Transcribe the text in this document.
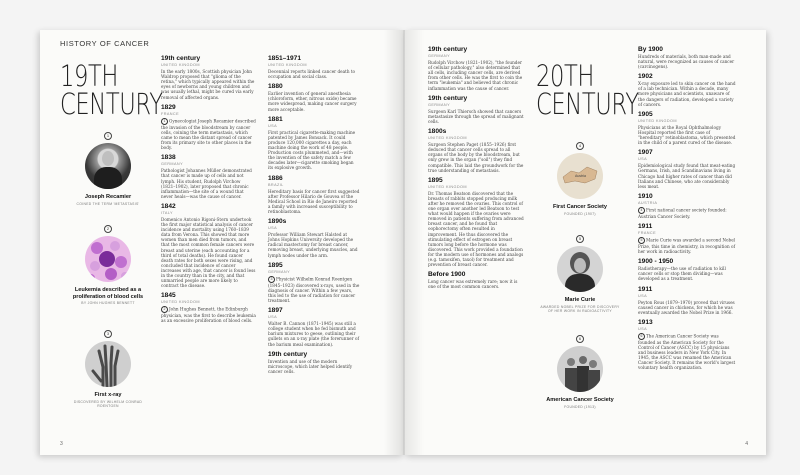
HISTORY OF CANCER
19TH
CENTURY
1
Joseph Recamier
COINED THE TERM 'METASTASIS'
2
Leukemia described as a proliferation of blood cells
BY JOHN HUGHES BENNETT
3
First x-ray
DISCOVERED BY WILHELM CONRAD ROENTGEN
19th century
UNITED KINGDOM

In the early 1800s, Scottish physician John Waldrop proposed that "glioma of the retina," which typically appeared within the eyes of newborns and young children and was usually lethal, might be cured via early removal of affected organs.

1829
FRANCE

1 Gynecologist Joseph Recamier described the invasion of the bloodstream by cancer cells, coining the term metastasis, which came to mean the distant spread of cancer from its primary site to other places in the body.

1838
GERMANY

Pathologist Johannes Müller demonstrated that cancer is made up of cells and not lymph. His student, Rudolph Virchow (1821–1902), later proposed that chronic inflammation—the site of a wound that never heals—was the cause of cancer.

1842
ITALY

Domenico Antonio Rigoni-Stern undertook the first major statistical analysis of cancer incidence and mortality using 1760–1839 data from Verona. This showed that more women than men died from tumors, and that the most common female cancers were breast and uterine (each accounting for a third of total deaths). He found cancer death rates for both sexes were rising, and concluded that incidence of cancer increases with age, that cancer is found less in the country than in the city, and that unmarried people are more likely to contract the disease.

1845
UNITED KINGDOM

2 John Hughes Bennett, the Edinburgh physician, was the first to describe leukemia as an excessive proliferation of blood cells.

1851–1971
UNITED KINGDOM

Decennial reports linked cancer death to occupation and social class.

1880

Earlier invention of general anesthesia (chloroform, ether, nitrous oxide) became more widespread, making cancer surgery more acceptable.

1881
USA

First practical cigarette-making machine patented by James Bonsack. It could produce 120,000 cigarettes a day, each machine doing the work of 48 people. Production costs plummeted, and—with the invention of the safety match a few decades later—cigarette smoking began its explosive growth.

1886
BRAZIL

Hereditary basis for cancer first suggested after Professor Hilario de Gouvea of the Medical School in Rio de Janeiro reported a family with increased susceptibility to retinoblastoma.

1890s
USA

Professor William Stewart Halsted at Johns Hopkins University developed the radical mastectomy for breast cancer, removing breast, underlying muscles, and lymph nodes under the arm.

1895
GERMANY

3 Physicist Wilhelm Konrad Roentgen (1845–1923) discovered x-rays, used in the diagnosis of cancer. Within a few years, this led to the use of radiation for cancer treatment.

1897
USA

Walter B. Cannon (1871–1945) was still a college student when he fed bismuth and barium mixtures to geese, outlining their gullets on an x-ray plate (the forerunner of the barium meal examination).

19th century

Invention and use of the modern microscope, which later helped identify cancer cells.

3
19th century
GERMANY

Rudolph Virchow (1821–1902), "the founder of cellular pathology," also determined that all cells, including cancer cells, are derived from other cells. He was the first to coin the term "leukemia" and believed that chronic inflammation was the cause of cancer.

19th century
GERMANY

Surgeon Karl Thiersch showed that cancers metastasize through the spread of malignant cells.

1800s
UNITED KINGDOM

Surgeon Stephen Paget (1855–1926) first deduced that cancer cells spread to all organs of the body by the bloodstream, but only grew in the organ ("soil") they find compatible. This laid the groundwork for the true understanding of metastasis.

1895
UNITED KINGDOM

Dr. Thomas Beatson discovered that the breasts of rabbits stopped producing milk after he removed the ovaries. This control of one organ over another led Beatson to test what would happen if the ovaries were removed in patients suffering from advanced breast cancer, and he found that oophorectomy often resulted in improvement. He thus discovered the stimulating effect of estrogen on breast tumors long before the hormone was discovered. This work provided a foundation for the modern use of hormones and analogs (e.g. tamoxifen, taxol) for treatment and prevention of breast cancer.

Before 1900

Long cancer was extremely rare; now it is one of the most common cancers.

20TH
CENTURY
4
Austria
First Cancer Society
FOUNDED (1907)
5
Marie Curie
AWARDED NOBEL PRIZE FOR DISCOVERY OF HER WORK IN RADIOACTIVITY
6
American Cancer Society
FOUNDED (1913)
By 1900

Hundreds of materials, both man-made and natural, were recognized as causes of cancer (carcinogens).

1902

X-ray exposure led to skin cancer on the hand of a lab technician. Within a decade, many more physicians and scientists, unaware of the dangers of radiation, developed a variety of cancers.

1905
UNITED KINGDOM

Physicians at the Royal Ophthalmology Hospital reported the first case of "hereditary" retinoblastoma, which presented in the child of a parent cured of the disease.

1907
USA

Epidemiological study found that meat-eating Germans, Irish, and Scandinavians living in Chicago had higher rates of cancer than did Italians and Chinese, who ate considerably less meat.

1910
AUSTRIA

4 First national cancer society founded: Austrian Cancer Society.

1911
FRANCE

5 Marie Curie was awarded a second Nobel Prize, this time in chemistry, in recognition of her work in radioactivity.

1900 - 1950

Radiotherapy—the use of radiation to kill cancer cells or stop them dividing—was developed as a treatment.

1911
USA

Peyton Rous (1879–1970) proved that viruses caused cancer in chickens, for which he was eventually awarded the Nobel Prize in 1966.

1913
USA

6 The American Cancer Society was founded as the American Society for the Control of Cancer (ASCC) by 15 physicians and business leaders in New York City. In 1945, the ASCC was renamed the American Cancer Society. It remains the world's largest voluntary health organization.

4
